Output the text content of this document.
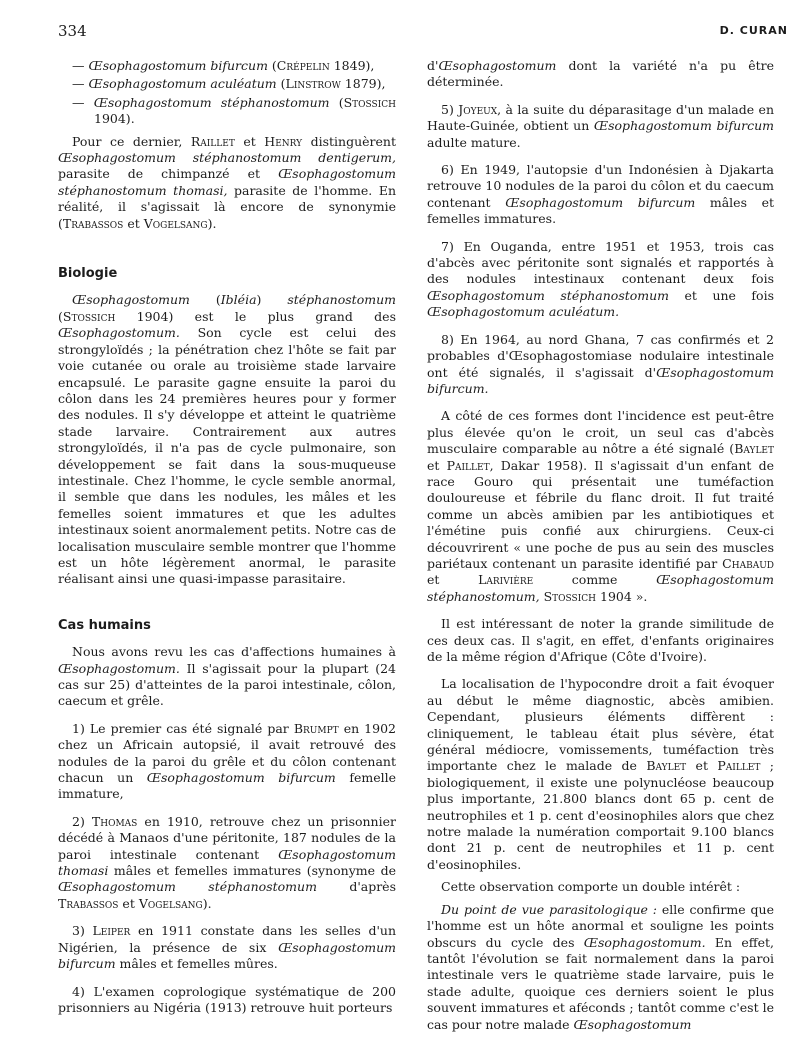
334	D. CURAN
— Œsophagostomum bifurcum (Crépelin 1849),
— Œsophagostomum aculéatum (Linstrow 1879),
— Œsophagostomum stéphanostomum (Stossich 1904).

Pour ce dernier, Raillet et Henry distinguèrent Œsophagostomum stéphanostomum dentigerum, parasite de chimpanzé et Œsophagostomum stéphanostomum thomasi, parasite de l'homme. En réalité, il s'agissait là encore de synonymie (Trabassos et Vogelsang).

Biologie

Œsophagostomum (Ibléia) stéphanostomum (Stossich 1904) est le plus grand des Œsophagostomum. Son cycle est celui des strongyloïdés ; la pénétration chez l'hôte se fait par voie cutanée ou orale au troisième stade larvaire encapsulé. Le parasite gagne ensuite la paroi du côlon dans les 24 premières heures pour y former des nodules. Il s'y développe et atteint le quatrième stade larvaire. Contrairement aux autres strongyloïdés, il n'a pas de cycle pulmonaire, son développement se fait dans la sous-muqueuse intestinale. Chez l'homme, le cycle semble anormal, il semble que dans les nodules, les mâles et les femelles soient immatures et que les adultes intestinaux soient anormalement petits. Notre cas de localisation musculaire semble montrer que l'homme est un hôte légèrement anormal, le parasite réalisant ainsi une quasi-impasse parasitaire.

Cas humains

Nous avons revu les cas d'affections humaines à Œsophagostomum. Il s'agissait pour la plupart (24 cas sur 25) d'atteintes de la paroi intestinale, côlon, caecum et grêle.

1) Le premier cas été signalé par Brumpt en 1902 chez un Africain autopsié, il avait retrouvé des nodules de la paroi du grêle et du côlon contenant chacun un Œsophagostomum bifurcum femelle immature,

2) Thomas en 1910, retrouve chez un prisonnier décédé à Manaos d'une péritonite, 187 nodules de la paroi intestinale contenant Œsophagostomum thomasi mâles et femelles immatures (synonyme de Œsophagostomum stéphanostomum d'après Trabassos et Vogelsang).

3) Leiper en 1911 constate dans les selles d'un Nigérien, la présence de six Œsophagostomum bifurcum mâles et femelles mûres.

4) L'examen coprologique systématique de 200 prisonniers au Nigéria (1913) retrouve huit porteurs

d'Œsophagostomum dont la variété n'a pu être déterminée.

5) Joyeux, à la suite du déparasitage d'un malade en Haute-Guinée, obtient un Œsophagostomum bifurcum adulte mature.

6) En 1949, l'autopsie d'un Indonésien à Djakarta retrouve 10 nodules de la paroi du côlon et du caecum contenant Œsophagostomum bifurcum mâles et femelles immatures.

7) En Ouganda, entre 1951 et 1953, trois cas d'abcès avec péritonite sont signalés et rapportés à des nodules intestinaux contenant deux fois Œsophagostomum stéphanostomum et une fois Œsophagostomum aculéatum.

8) En 1964, au nord Ghana, 7 cas confirmés et 2 probables d'Œsophagostomiase nodulaire intestinale ont été signalés, il s'agissait d'Œsophagostomum bifurcum.

A côté de ces formes dont l'incidence est peut-être plus élevée qu'on le croit, un seul cas d'abcès musculaire comparable au nôtre a été signalé (Baylet et Paillet, Dakar 1958). Il s'agissait d'un enfant de race Gouro qui présentait une tuméfaction douloureuse et fébrile du flanc droit. Il fut traité comme un abcès amibien par les antibiotiques et l'émétine puis confié aux chirurgiens. Ceux-ci découvrirent « une poche de pus au sein des muscles pariétaux contenant un parasite identifié par Chabaud et Larivière comme Œsophagostomum stéphanostomum, Stossich 1904 ».

Il est intéressant de noter la grande similitude de ces deux cas. Il s'agit, en effet, d'enfants originaires de la même région d'Afrique (Côte d'Ivoire).

La localisation de l'hypocondre droit a fait évoquer au début le même diagnostic, abcès amibien. Cependant, plusieurs éléments diffèrent : cliniquement, le tableau était plus sévère, état général médiocre, vomissements, tuméfaction très importante chez le malade de Baylet et Paillet ; biologiquement, il existe une polynucléose beaucoup plus importante, 21.800 blancs dont 65 p. cent de neutrophiles et 1 p. cent d'eosinophiles alors que chez notre malade la numération comportait 9.100 blancs dont 21 p. cent de neutrophiles et 11 p. cent d'eosinophiles.

Cette observation comporte un double intérêt :

Du point de vue parasitologique : elle confirme que l'homme est un hôte anormal et souligne les points obscurs du cycle des Œsophagostomum. En effet, tantôt l'évolution se fait normalement dans la paroi intestinale vers le quatrième stade larvaire, puis le stade adulte, quoique ces derniers soient le plus souvent immatures et aféconds ; tantôt comme c'est le cas pour notre malade Œsophagostomum
